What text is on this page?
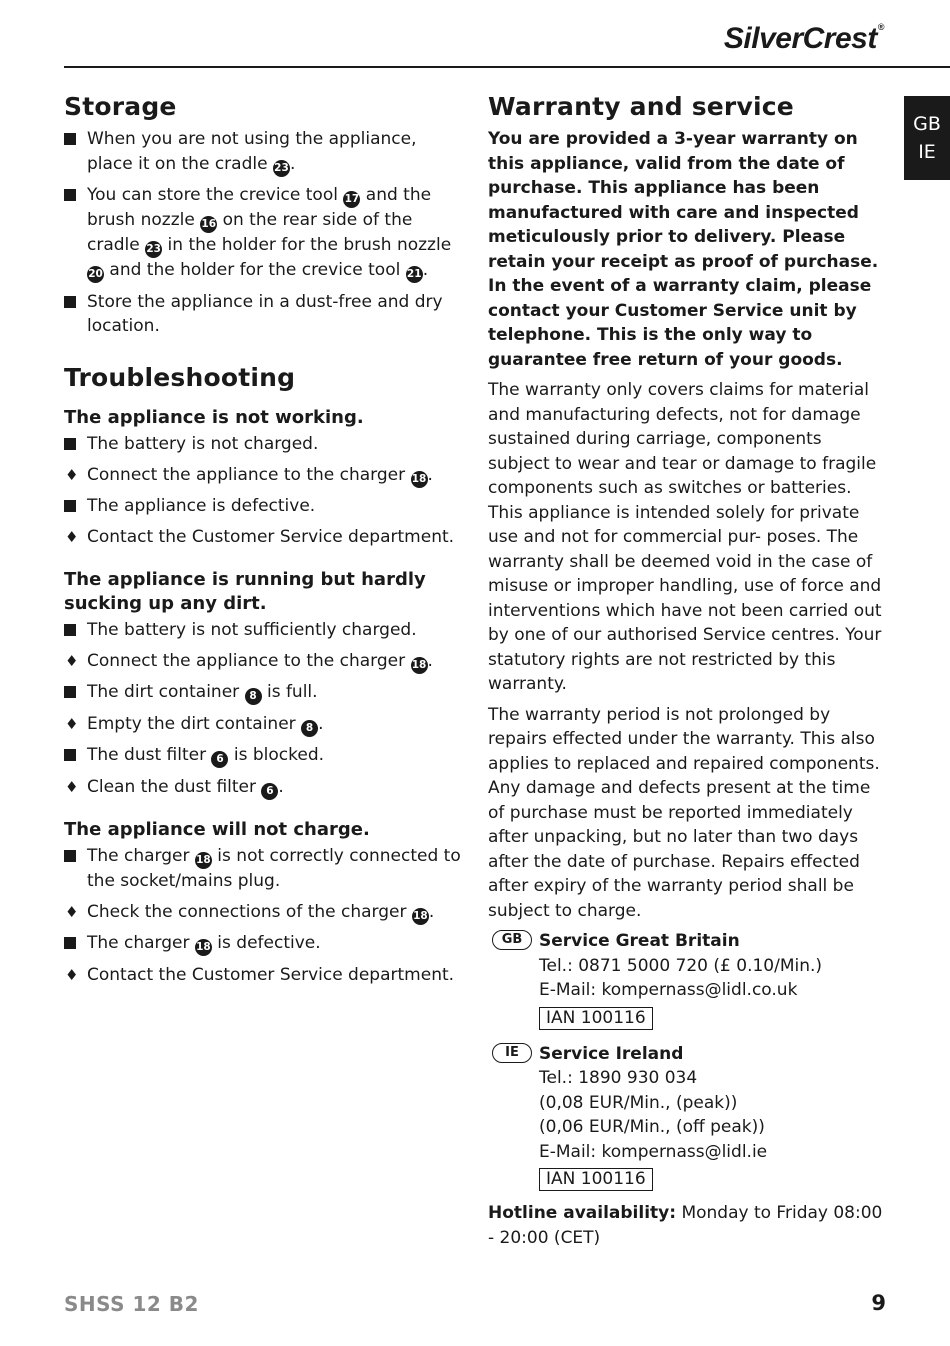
SilverCrest®
GB
IE
Storage
When you are not using the appliance, place it on the cradle 23.
You can store the crevice tool 17 and the brush nozzle 16 on the rear side of the cradle 23 in the holder for the brush nozzle 20 and the holder for the crevice tool 21.
Store the appliance in a dust-free and dry location.
Troubleshooting
The appliance is not working.
The battery is not charged.
♦ Connect the appliance to the charger 18.
The appliance is defective.
♦ Contact the Customer Service department.
The appliance is running but hardly sucking up any dirt.
The battery is not sufficiently charged.
♦ Connect the appliance to the charger 18.
The dirt container 8 is full.
♦ Empty the dirt container 8 .
The dust filter 6 is blocked.
♦ Clean the dust filter 6 .
The appliance will not charge.
The charger 18 is not correctly connected to the socket/mains plug.
♦ Check the connections of the charger 18.
The charger 18 is defective.
♦ Contact the Customer Service department.
Warranty and service

You are provided a 3-year warranty on this appliance, valid from the date of purchase. This appliance has been manufactured with care and inspected meticulously prior to delivery. Please retain your receipt as proof of purchase. In the event of a warranty claim, please contact your Customer Service unit by telephone. This is the only way to guarantee free return of your goods.

The warranty only covers claims for material and manufacturing defects, not for damage sustained during carriage, components subject to wear and tear or damage to fragile components such as switches or batteries. This appliance is intended solely for private use and not for commercial pur- poses. The warranty shall be deemed void in the case of misuse or improper handling, use of force and interventions which have not been carried out by one of our authorised Service centres. Your statutory rights are not restricted by this warranty.

The warranty period is not prolonged by repairs effected under the warranty. This also applies to replaced and repaired components. Any damage and defects present at the time of purchase must be reported immediately after unpacking, but no later than two days after the date of purchase. Repairs effected after expiry of the warranty period shall be subject to charge.

GB Service Great Britain
Tel.: 0871 5000 720 (£ 0.10/Min.)
E-Mail: kompernass@lidl.co.uk
IAN 100116
IE	Service Ireland
Tel.: 1890 930 034
(0,08 EUR/Min., (peak))
(0,06 EUR/Min., (off peak))
E-Mail: kompernass@lidl.ie
IAN 100116

Hotline availability: Monday to Friday 08:00 - 20:00 (CET)

SHSS 12 B2	9
